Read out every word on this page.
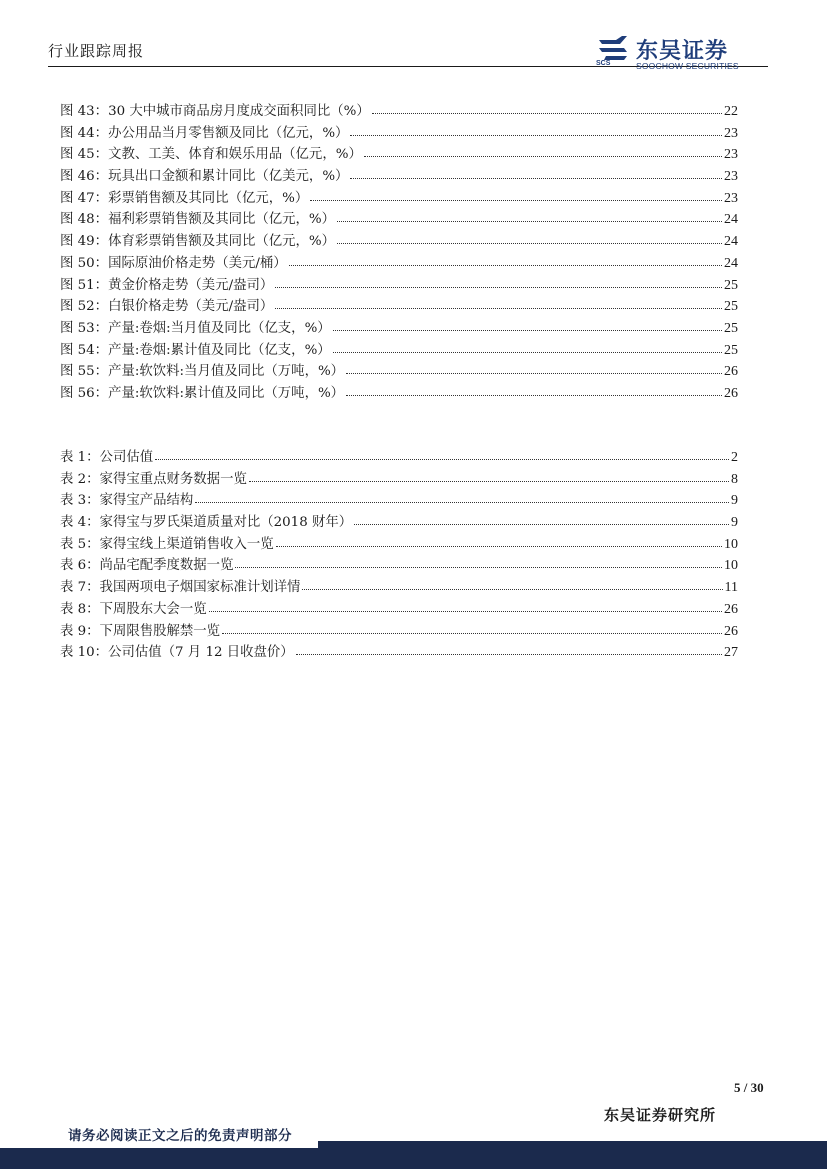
行业跟踪周报
SCS 东吴证券
SOOCHOW SECURITIES
图 43：30 大中城市商品房月度成交面积同比（%）	22
图 44：办公用品当月零售额及同比（亿元，%）	23
图 45：文教、工美、体育和娱乐用品（亿元，%）	23
图 46：玩具出口金额和累计同比（亿美元，%）	23
图 47：彩票销售额及其同比（亿元，%）	23
图 48：福利彩票销售额及其同比（亿元，%）	24
图 49：体育彩票销售额及其同比（亿元，%）	24
图 50：国际原油价格走势（美元/桶）	24
图 51：黄金价格走势（美元/盎司）	25
图 52：白银价格走势（美元/盎司）	25
图 53：产量:卷烟:当月值及同比（亿支，%）	25
图 54：产量:卷烟:累计值及同比（亿支，%）	25
图 55：产量:软饮料:当月值及同比（万吨，%）	26
图 56：产量:软饮料:累计值及同比（万吨，%）	26
表 1：公司估值	2
表 2：家得宝重点财务数据一览	8
表 3：家得宝产品结构	9
表 4：家得宝与罗氏渠道质量对比（2018 财年）	9
表 5：家得宝线上渠道销售收入一览	10
表 6：尚品宅配季度数据一览	10
表 7：我国两项电子烟国家标准计划详情	11
表 8：下周股东大会一览	26
表 9：下周限售股解禁一览	26
表 10：公司估值（7 月 12 日收盘价）	27
5 / 30
东吴证券研究所
请务必阅读正文之后的免责声明部分
